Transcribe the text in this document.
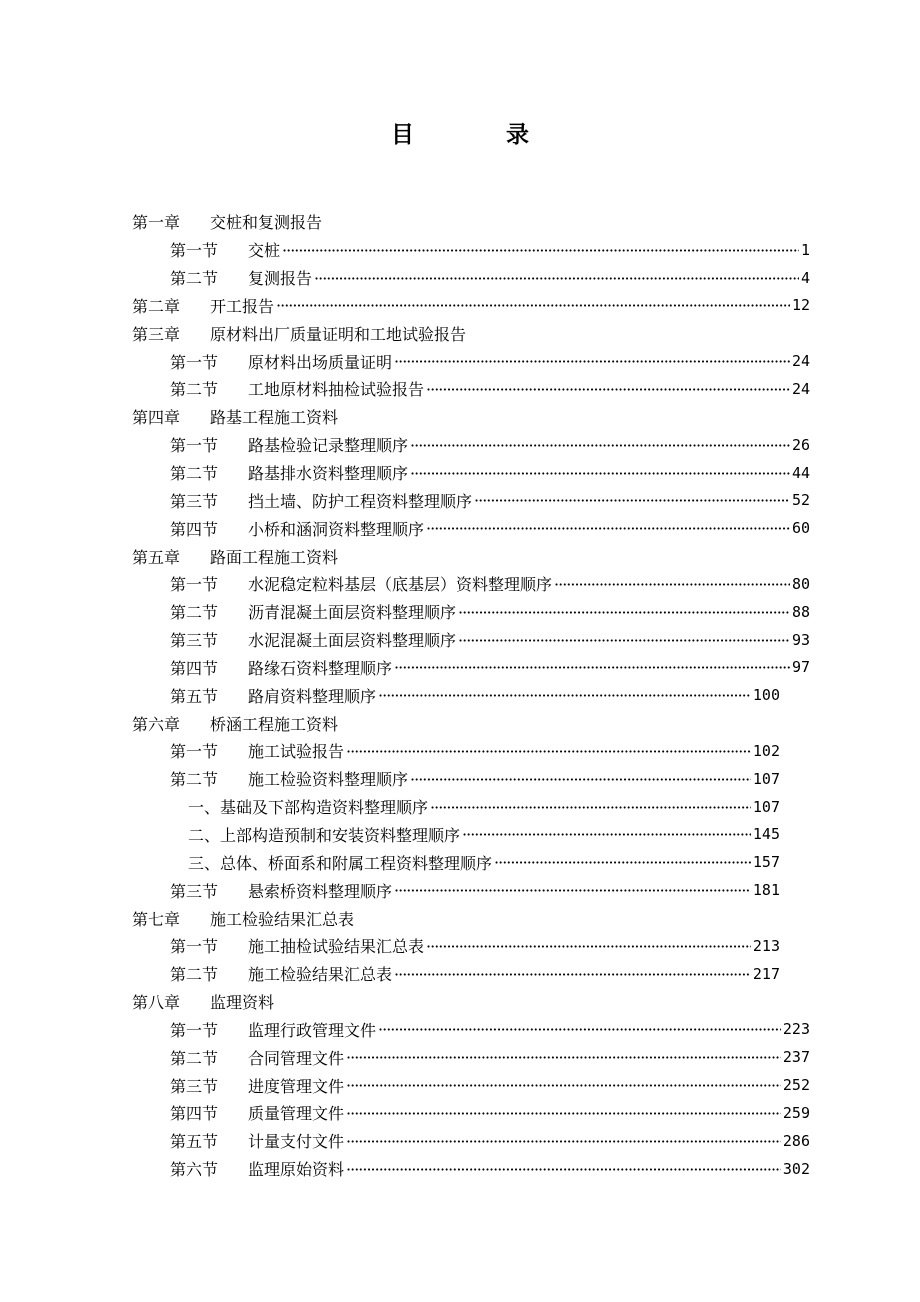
目 录
第一章	交桩和复测报告
第一节	交桩 ·····	1
第二节	复测报告 ·····	4
第二章	开工报告 ·····	12
第三章	原材料出厂质量证明和工地试验报告
第一节	原材料出场质量证明 ·····	24
第二节	工地原材料抽检试验报告 ·····	24
第四章	路基工程施工资料
第一节	路基检验记录整理顺序 ·····	26
第二节	路基排水资料整理顺序 ·····	44
第三节	挡土墙、防护工程资料整理顺序 ·····	52
第四节	小桥和涵洞资料整理顺序 ·····	60
第五章	路面工程施工资料
第一节	水泥稳定粒料基层（底基层）资料整理顺序 ·····	80
第二节	沥青混凝土面层资料整理顺序 ·····	88
第三节	水泥混凝土面层资料整理顺序 ·····	93
第四节	路缘石资料整理顺序 ·····	97
第五节	路肩资料整理顺序 ·····	100
第六章	桥涵工程施工资料
第一节	施工试验报告 ·····	102
第二节	施工检验资料整理顺序 ·····	107
一、 基础及下部构造资料整理顺序 ·····	107
二、 上部构造预制和安装资料整理顺序 ·····	145
三、 总体、桥面系和附属工程资料整理顺序 ·····	157
第三节	悬索桥资料整理顺序 ·····	181
第七章	施工检验结果汇总表
第一节	施工抽检试验结果汇总表 ·····	213
第二节	施工检验结果汇总表 ·····	217
第八章	监理资料
第一节	监理行政管理文件 ·····	223
第二节	合同管理文件 ·····	237
第三节	进度管理文件 ·····	252
第四节	质量管理文件 ·····	259
第五节	计量支付文件 ·····	286
第六节	监理原始资料 ·····	302
